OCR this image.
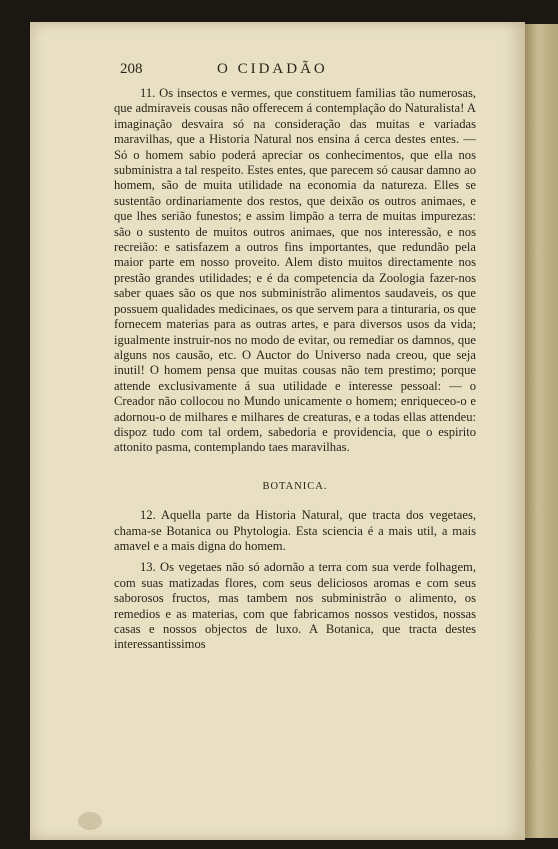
208	O CIDADÃO

11. Os insectos e vermes, que constituem familias tão numerosas, que admiraveis cousas não offerecem á contemplação do Naturalista! A imaginação desvaira só na consideração das muitas e variadas maravilhas, que a Historia Natural nos ensina á cerca destes entes. — Só o homem sabio poderá apreciar os conhecimentos, que ella nos subministra a tal respeito. Estes entes, que parecem só causar damno ao homem, são de muita utilidade na economia da natureza. Elles se sustentão ordinariamente dos restos, que deixão os outros animaes, e que lhes serião funestos; e assim limpão a terra de muitas impurezas: são o sustento de muitos outros animaes, que nos interessão, e nos recreião: e satisfazem a outros fins importantes, que redundão pela maior parte em nosso proveito. Alem disto muitos directamente nos prestão grandes utilidades; e é da competencia da Zoologia fazer-nos saber quaes são os que nos subministrão alimentos saudaveis, os que possuem qualidades medicinaes, os que servem para a tinturaria, os que fornecem materias para as outras artes, e para diversos usos da vida; igualmente instruir-nos no modo de evitar, ou remediar os damnos, que alguns nos causão, etc. O Auctor do Universo nada creou, que seja inutil! O homem pensa que muitas cousas não tem prestimo; porque attende exclusivamente á sua utilidade e interesse pessoal: — o Creador não collocou no Mundo unicamente o homem; enriqueceo-o e adornou-o de milhares e milhares de creaturas, e a todas ellas attendeu: dispoz tudo com tal ordem, sabedoria e providencia, que o espirito attonito pasma, contemplando taes maravilhas.

BOTANICA.

12. Aquella parte da Historia Natural, que tracta dos vegetaes, chama-se Botanica ou Phytologia. Esta sciencia é a mais util, a mais amavel e a mais digna do homem.

13. Os vegetaes não só adornão a terra com sua verde folhagem, com suas matizadas flores, com seus deliciosos aromas e com seus saborosos fructos, mas tambem nos subministrão o alimento, os remedios e as materias, com que fabricamos nossos vestidos, nossas casas e nossos objectos de luxo. A Botanica, que tracta destes interessantissimos
